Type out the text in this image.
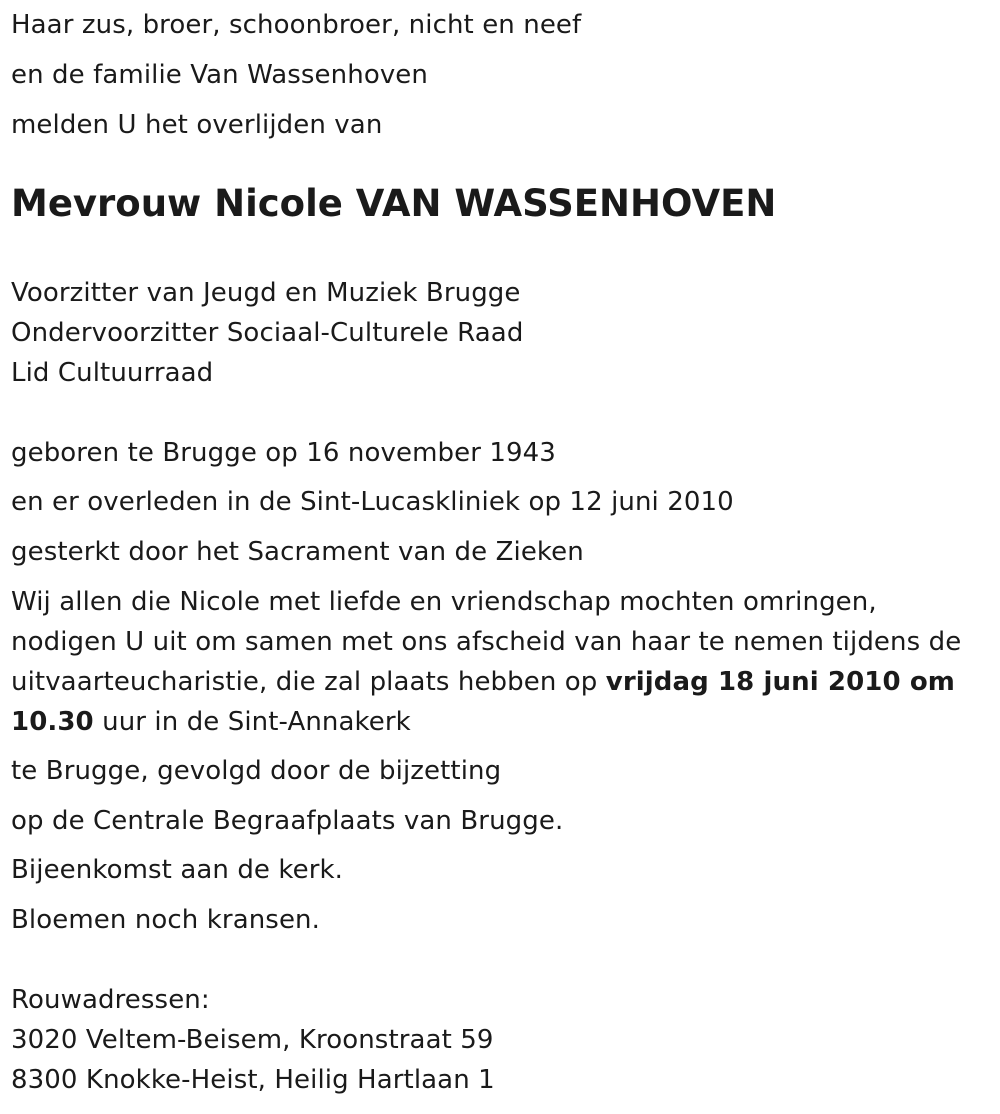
Haar zus, broer, schoonbroer, nicht en neef
en de familie Van Wassenhoven
melden U het overlijden van
Mevrouw Nicole VAN WASSENHOVEN
Voorzitter van Jeugd en Muziek Brugge
Ondervoorzitter Sociaal-Culturele Raad
Lid Cultuurraad
geboren te Brugge op 16 november 1943
en er overleden in de Sint-Lucaskliniek op 12 juni 2010
gesterkt door het Sacrament van de Zieken
Wij allen die Nicole met liefde en vriendschap mochten omringen, nodigen U uit om samen met ons afscheid van haar te nemen tijdens de uitvaarteucharistie, die zal plaats hebben op vrijdag 18 juni 2010 om 10.30 uur in de Sint-Annakerk
te Brugge, gevolgd door de bijzetting
op de Centrale Begraafplaats van Brugge.
Bijeenkomst aan de kerk.
Bloemen noch kransen.
Rouwadressen:
3020 Veltem-Beisem, Kroonstraat 59
8300 Knokke-Heist, Heilig Hartlaan 1
